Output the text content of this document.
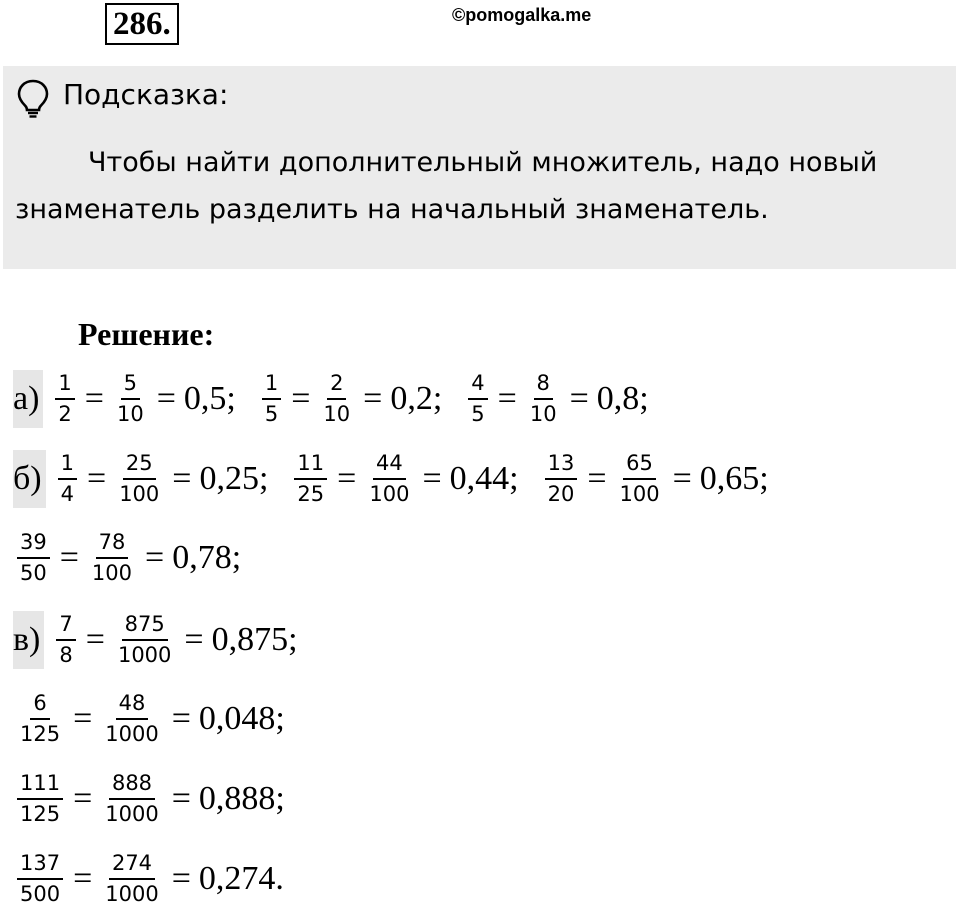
286.	©pomogalka.me
Подсказка:
Чтобы найти дополнительный множитель, надо новый знаменатель разделить на начальный знаменатель.
Решение:
$а) \frac{1}{2} = \frac{5}{10} = 0,5$; $\frac{1}{5} = \frac{2}{10} = 0,2$; $\frac{4}{5} = \frac{8}{10} = 0,8$;
$б) \frac{1}{4} = \frac{25}{100} = 0,25$; $\frac{11}{25} = \frac{44}{100} = 0,44$; $\frac{13}{20} = \frac{65}{100} = 0,65$;
$\frac{39}{50} = \frac{78}{100} = 0,78$;
$в) \frac{7}{8} = \frac{875}{1000} = 0,875$;
$\frac{6}{125} = \frac{48}{1000} = 0,048$;
$\frac{111}{125} = \frac{888}{1000} = 0,888$;
$\frac{137}{500} = \frac{274}{1000} = 0,274$.
